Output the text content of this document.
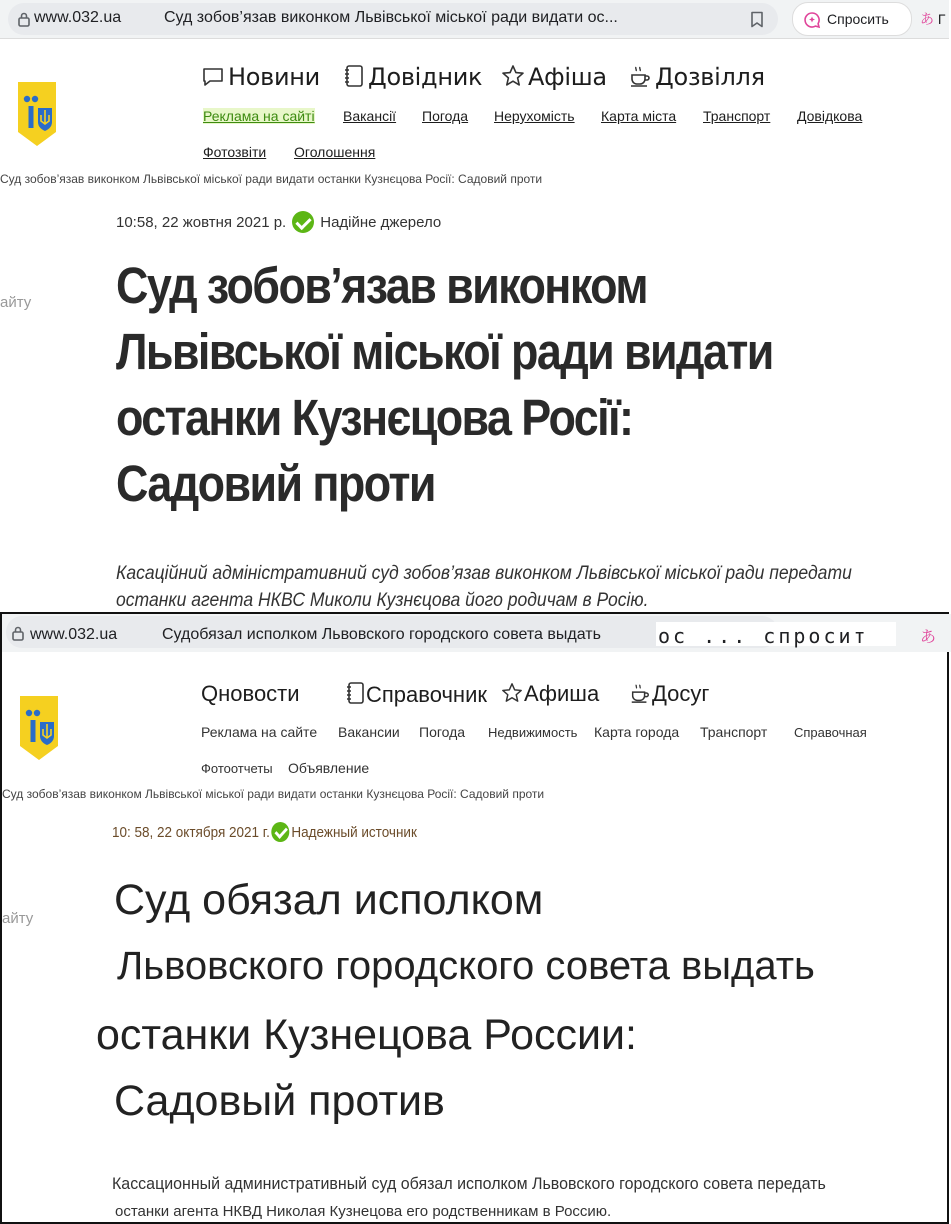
www.032.ua	Суд зобов’язав виконком Львівської міської ради видати ос...	Спросить あ Г
Новини	Довідник	Афіша	Дозвілля
Реклама на сайті Вакансії Погода Нерухомість Карта міста Транспорт Довідкова
Фотозвіти Оголошення
Суд зобов’язав виконком Львівської міської ради видати останки Кузнєцова Росії: Садовий проти
10:58, 22 жовтня 2021 р. Надійне джерело
айту Суд зобов’язав виконком
Львівської міської ради видати
останки Кузнєцова Росії:
Садовий проти
Касаційний адміністративний суд зобов’язав виконком Львівської міської ради передати
останки агента НКВС Миколи Кузнєцова його родичам в Росію.
www.032.ua	Судобязал исполком Львовского городского совета выдать	ос ... спросит	あ
Qновости	Справочник	Афиша	Досуг
Реклама на сайте Вакансии Погода Недвижимость Карта города Транспорт Справочная
Фотоотчеты Объявление
Суд зобов’язав виконком Львівської міської ради видати останки Кузнєцова Росії: Садовий проти
10: 58, 22 октября 2021 г. Надежный источник
айту Суд обязал исполком
Львовского городского совета выдать
останки Кузнецова России:
Садовый против
Кассационный административный суд обязал исполком Львовского городского совета передать
останки агента НКВД Николая Кузнецова его родственникам в Россию.
